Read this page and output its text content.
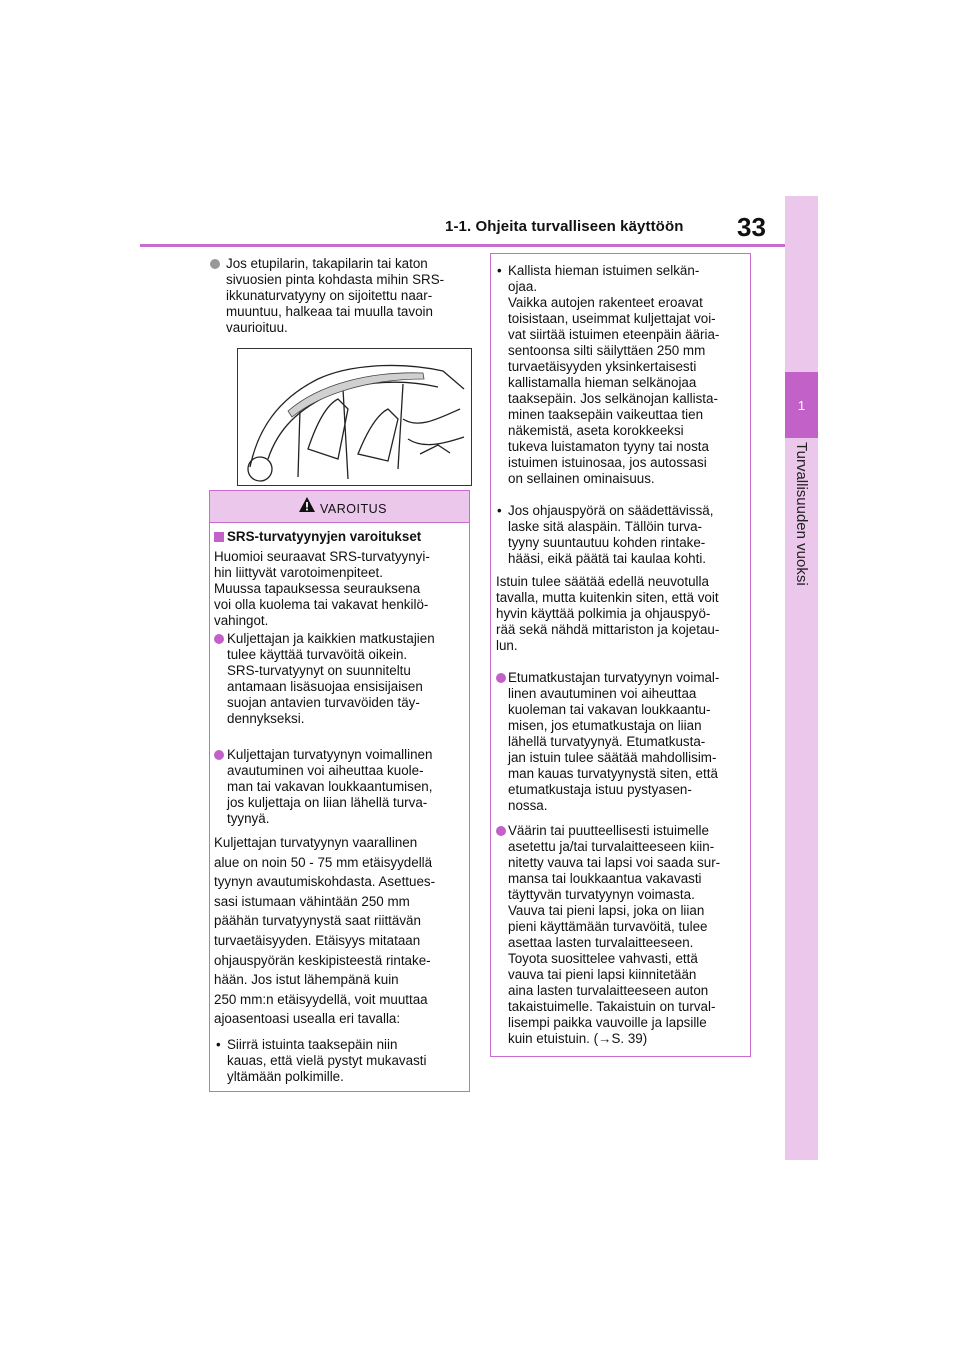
1-1. Ohjeita turvalliseen käyttöön 33
1
Turvallisuuden vuoksi

Jos etupilarin, takapilarin tai katon
sivuosien pinta kohdasta mihin SRS-
ikkunaturvatyyny on sijoitettu naar-
muuntuu, halkeaa tai muulla tavoin
vaurioituu.

VAROITUS

SRS-turvatyynyjen varoitukset

Huomioi seuraavat SRS-turvatyynyi-
hin liittyvät varotoimenpiteet.
Muussa tapauksessa seurauksena
voi olla kuolema tai vakavat henkilö-
vahingot.

Kuljettajan ja kaikkien matkustajien
tulee käyttää turvavöitä oikein.
SRS-turvatyynyt on suunniteltu
antamaan lisäsuojaa ensisijaisen
suojan antavien turvavöiden täy-
dennykseksi.

Kuljettajan turvatyynyn voimallinen
avautuminen voi aiheuttaa kuole-
man tai vakavan loukkaantumisen,
jos kuljettaja on liian lähellä turva-
tyynyä.

Kuljettajan turvatyynyn vaarallinen
alue on noin 50 - 75 mm etäisyydellä
tyynyn avautumiskohdasta. Asettues-
sasi istumaan vähintään 250 mm
päähän turvatyynystä saat riittävän
turvaetäisyyden. Etäisyys mitataan
ohjauspyörän keskipisteestä rintake-
hään. Jos istut lähempänä kuin
250 mm:n etäisyydellä, voit muuttaa
ajoasentoasi usealla eri tavalla:

• Siirrä istuinta taaksepäin niin
kauas, että vielä pystyt mukavasti
yltämään polkimille.

• Kallista hieman istuimen selkän-
ojaa.
Vaikka autojen rakenteet eroavat
toisistaan, useimmat kuljettajat voi-
vat siirtää istuimen eteenpäin ääria-
sentoonsa silti säilyttäen 250 mm
turvaetäisyyden yksinkertaisesti
kallistamalla hieman selkänojaa
taaksepäin. Jos selkänojan kallista-
minen taaksepäin vaikeuttaa tien
näkemistä, aseta korokkeeksi
tukeva luistamaton tyyny tai nosta
istuimen istuinosaa, jos autossasi
on sellainen ominaisuus.

• Jos ohjauspyörä on säädettävissä,
laske sitä alaspäin. Tällöin turva-
tyyny suuntautuu kohden rintake-
hääsi, eikä päätä tai kaulaa kohti.

Istuin tulee säätää edellä neuvotulla
tavalla, mutta kuitenkin siten, että voit
hyvin käyttää polkimia ja ohjauspyö-
rää sekä nähdä mittariston ja kojetau-
lun.

Etumatkustajan turvatyynyn voimal-
linen avautuminen voi aiheuttaa
kuoleman tai vakavan loukkaantu-
misen, jos etumatkustaja on liian
lähellä turvatyynyä. Etumatkusta-
jan istuin tulee säätää mahdollisim-
man kauas turvatyynystä siten, että
etumatkustaja istuu pystyasen-
nossa.

Väärin tai puutteellisesti istuimelle
asetettu ja/tai turvalaitteeseen kiin-
nitetty vauva tai lapsi voi saada sur-
mansa tai loukkaantua vakavasti
täyttyvän turvatyynyn voimasta.
Vauva tai pieni lapsi, joka on liian
pieni käyttämään turvavöitä, tulee
asettaa lasten turvalaitteeseen.
Toyota suosittelee vahvasti, että
vauva tai pieni lapsi kiinnitetään
aina lasten turvalaitteeseen auton
takaistuimelle. Takaistuin on turval-
lisempi paikka vauvoille ja lapsille

kuin etuistuin. (→S. 39)
